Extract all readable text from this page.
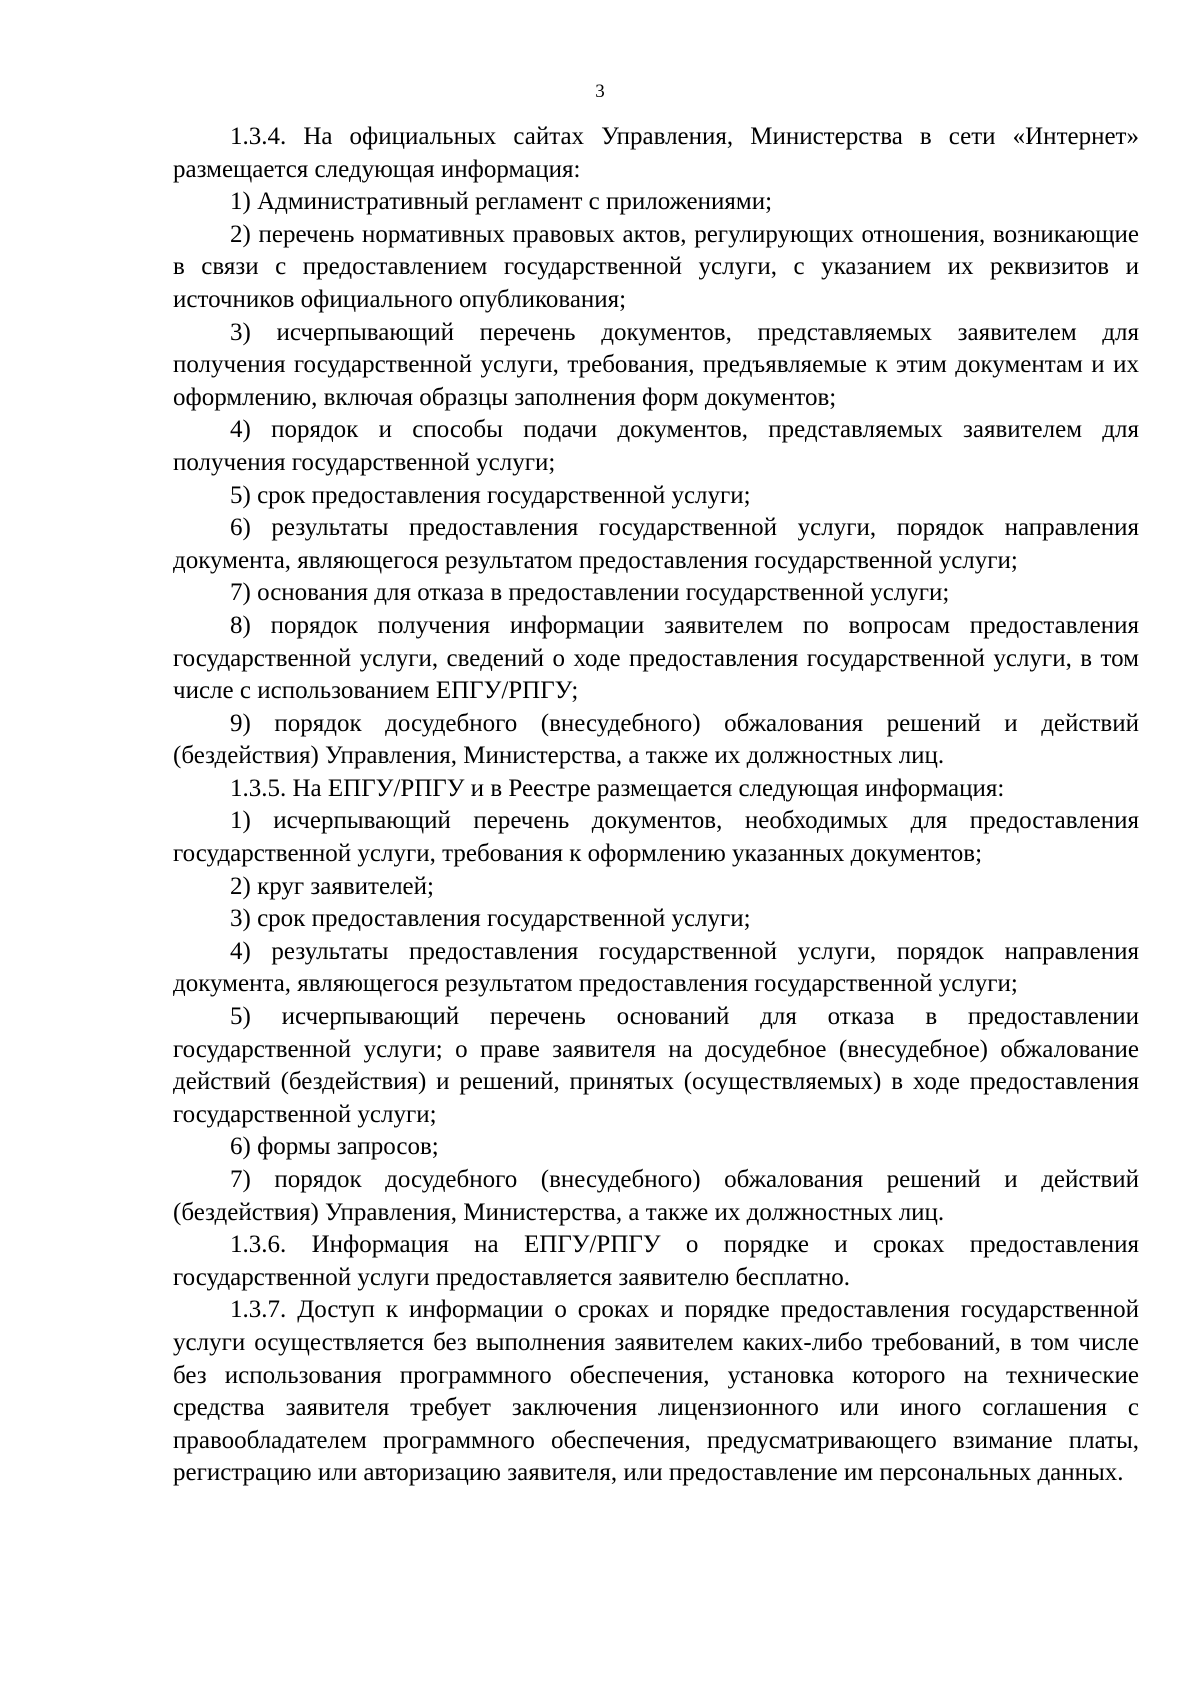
3

1.3.4. На официальных сайтах Управления, Министерства в сети «Интернет» размещается следующая информация:

1) Административный регламент с приложениями;

2) перечень нормативных правовых актов, регулирующих отношения, возникающие в связи с предоставлением государственной услуги, с указанием их реквизитов и источников официального опубликования;

3) исчерпывающий перечень документов, представляемых заявителем для получения государственной услуги, требования, предъявляемые к этим документам и их оформлению, включая образцы заполнения форм документов;

4) порядок и способы подачи документов, представляемых заявителем для получения государственной услуги;

5) срок предоставления государственной услуги;

6) результаты предоставления государственной услуги, порядок направления документа, являющегося результатом предоставления государственной услуги;

7) основания для отказа в предоставлении государственной услуги;

8) порядок получения информации заявителем по вопросам предоставления государственной услуги, сведений о ходе предоставления государственной услуги, в том числе с использованием ЕПГУ/РПГУ;

9) порядок досудебного (внесудебного) обжалования решений и действий (бездействия) Управления, Министерства, а также их должностных лиц.

1.3.5. На ЕПГУ/РПГУ и в Реестре размещается следующая информация:

1) исчерпывающий перечень документов, необходимых для предоставления государственной услуги, требования к оформлению указанных документов;

2) круг заявителей;

3) срок предоставления государственной услуги;

4) результаты предоставления государственной услуги, порядок направления документа, являющегося результатом предоставления государственной услуги;

5) исчерпывающий перечень оснований для отказа в предоставлении государственной услуги; о праве заявителя на досудебное (внесудебное) обжалование действий (бездействия) и решений, принятых (осуществляемых) в ходе предоставления государственной услуги;

6) формы запросов;

7) порядок досудебного (внесудебного) обжалования решений и действий (бездействия) Управления, Министерства, а также их должностных лиц.

1.3.6. Информация на ЕПГУ/РПГУ о порядке и сроках предоставления государственной услуги предоставляется заявителю бесплатно.

1.3.7. Доступ к информации о сроках и порядке предоставления государственной услуги осуществляется без выполнения заявителем каких-либо требований, в том числе без использования программного обеспечения, установка которого на технические средства заявителя требует заключения лицензионного или иного соглашения с правообладателем программного обеспечения, предусматривающего взимание платы, регистрацию или авторизацию заявителя, или предоставление им персональных данных.
